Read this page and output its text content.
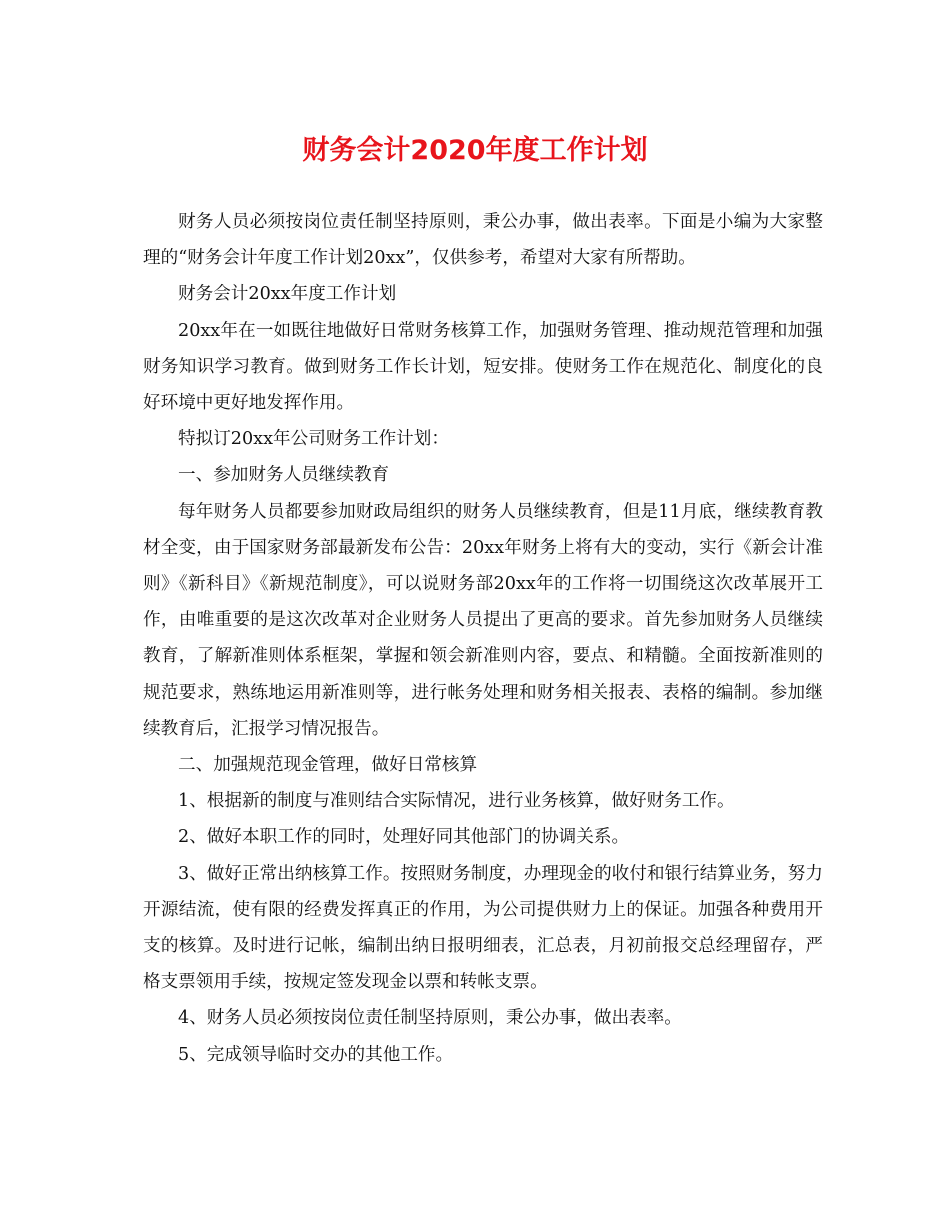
财务会计2020年度工作计划

财务人员必须按岗位责任制坚持原则，秉公办事，做出表率。下面是小编为大家整理的“财务会计年度工作计划20xx”，仅供参考，希望对大家有所帮助。

财务会计20xx年度工作计划

20xx年在一如既往地做好日常财务核算工作，加强财务管理、推动规范管理和加强财务知识学习教育。做到财务工作长计划，短安排。使财务工作在规范化、制度化的良好环境中更好地发挥作用。

特拟订20xx年公司财务工作计划：

一、参加财务人员继续教育

每年财务人员都要参加财政局组织的财务人员继续教育，但是11月底，继续教育教材全变，由于国家财务部最新发布公告：20xx年财务上将有大的变动，实行《新会计准则》《新科目》《新规范制度》，可以说财务部20xx年的工作将一切围绕这次改革展开工作，由唯重要的是这次改革对企业财务人员提出了更高的要求。首先参加财务人员继续教育，了解新准则体系框架，掌握和领会新准则内容，要点、和精髓。全面按新准则的规范要求，熟练地运用新准则等，进行帐务处理和财务相关报表、表格的编制。参加继续教育后，汇报学习情况报告。

二、加强规范现金管理，做好日常核算

1、根据新的制度与准则结合实际情况，进行业务核算，做好财务工作。

2、做好本职工作的同时，处理好同其他部门的协调关系。

3、做好正常出纳核算工作。按照财务制度，办理现金的收付和银行结算业务，努力开源结流，使有限的经费发挥真正的作用，为公司提供财力上的保证。加强各种费用开支的核算。及时进行记帐，编制出纳日报明细表，汇总表，月初前报交总经理留存，严格支票领用手续，按规定签发现金以票和转帐支票。

4、财务人员必须按岗位责任制坚持原则，秉公办事，做出表率。

5、完成领导临时交办的其他工作。
